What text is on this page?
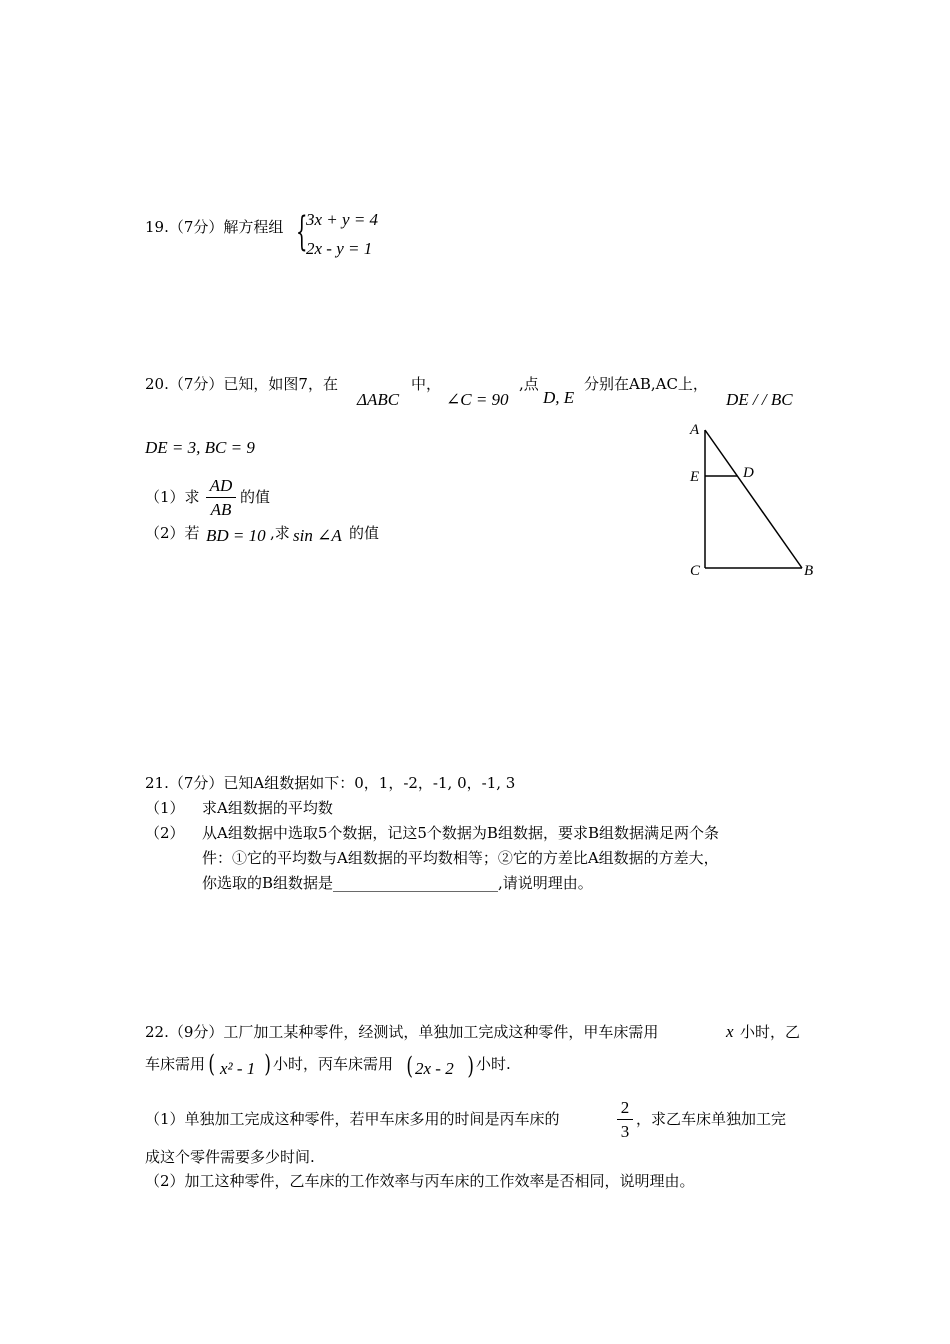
19.（7分）解方程组 {
3x + y = 4
2x - y = 1
20.（7分）已知，如图7，在
ΔABC
中，
∠C = 90
,点
D, E
分别在AB,AC上，
DE / / BC
DE = 3, BC = 9
（1）求
AD
AB
的值
（2）若 BD = 10 ,求 sin ∠A 的值
A
E	D
C	B
21.（7分）已知A组数据如下：0，1，-2，-1, 0，-1, 3
（1） 求A组数据的平均数
（2） 从A组数据中选取5个数据，记这5个数据为B组数据，要求B组数据满足两个条
件：①它的平均数与A组数据的平均数相等；②它的方差比A组数据的方差大，
你选取的B组数据是______________________,请说明理由。
22.（9分）工厂加工某种零件，经测试，单独加工完成这种零件，甲车床需用	x 小时，乙
车床需用 ( x² - 1 ) 小时，丙车床需用 ( 2x - 2 ) 小时.
（1）单独加工完成这种零件，若甲车床多用的时间是丙车床的
2
3
，求乙车床单独加工完
成这个零件需要多少时间.
（2）加工这种零件，乙车床的工作效率与丙车床的工作效率是否相同，说明理由。
